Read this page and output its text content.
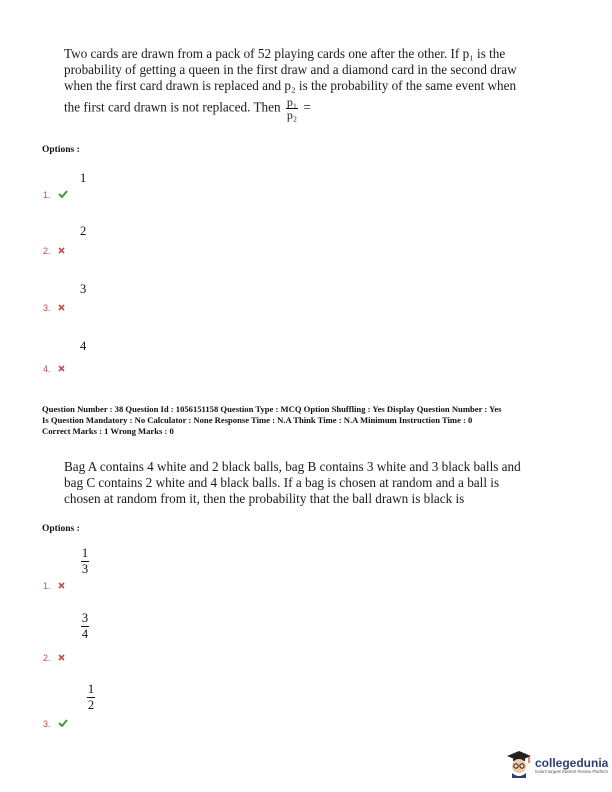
Two cards are drawn from a pack of 52 playing cards one after the other. If p₁ is the

probability of getting a queen in the first draw and a diamond card in the second draw

when the first card drawn is replaced and p₂ is the probability of the same event when

the first card drawn is not replaced. Then $\frac{\text{p₁}}{\text{p₂}}$ =

Options :
1
1.
2
2.
3
3.
4
4.
Question Number : 38 Question Id : 1056151158 Question Type : MCQ Option Shuffling : Yes Display Question Number : Yes
Is Question Mandatory : No Calculator : None Response Time : N.A Think Time : N.A Minimum Instruction Time : 0
Correct Marks : 1 Wrong Marks : 0

Bag A contains 4 white and 2 black balls, bag B contains 3 white and 3 black balls and

bag C contains 2 white and 4 black balls. If a bag is chosen at random and a ball is

chosen at random from it, then the probability that the ball drawn is black is

Options :
1
3
1.
3
4
2.
1
2
3.
collegedunia
India's largest Student Review Platform
